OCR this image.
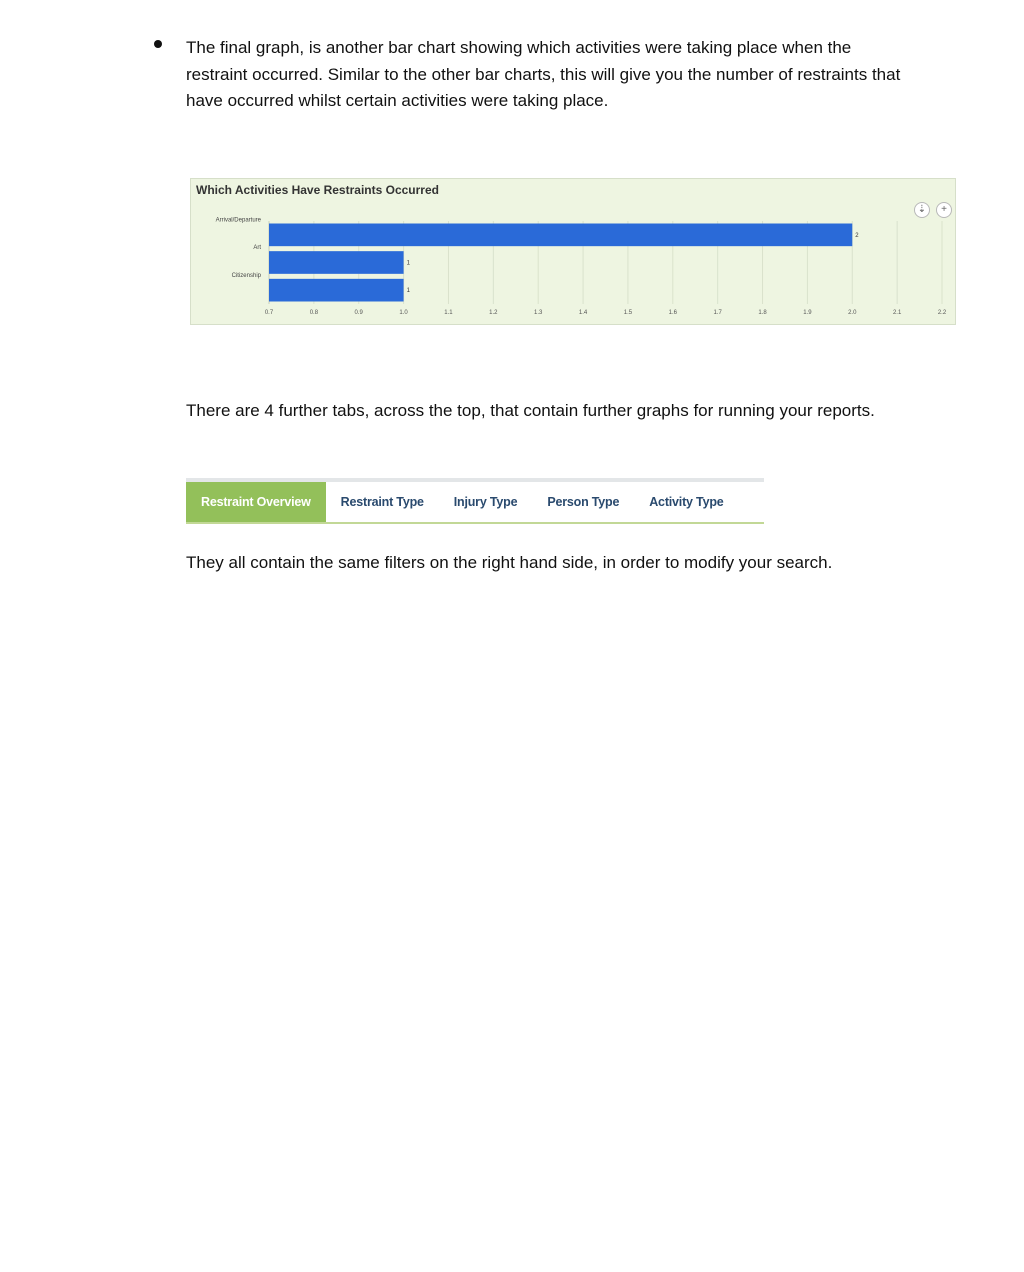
The final graph, is another bar chart showing which activities were taking place when the restraint occurred. Similar to the other bar charts, this will give you the number of restraints that have occurred whilst certain activities were taking place.
0.7	0.8	0.9	1.0	1.1	1.2	1.3	1.4	1.5	1.6	1.7	1.8	1.9	2.0	2.1	2.2
2
Arrival/Departure
1
Art
1
Citizenship
Which Activities Have Restraints Occurred
⇣	+
There are 4 further tabs, across the top, that contain further graphs for running your reports.
Restraint Overview	Restraint Type	Injury Type	Person Type	Activity Type
They all contain the same filters on the right hand side, in order to modify your search.
